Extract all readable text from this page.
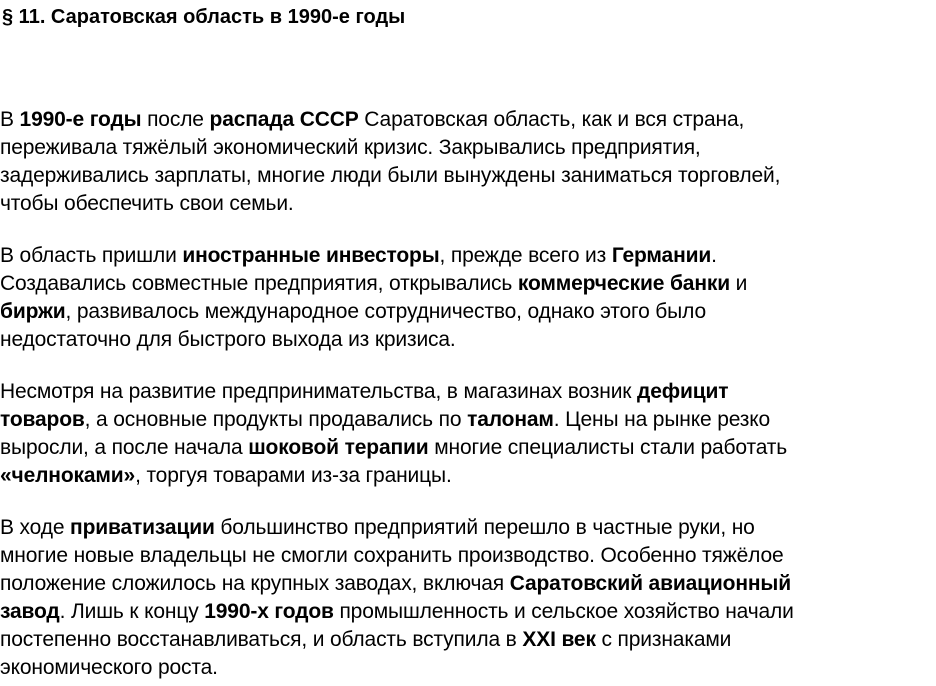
§ 11. Саратовская область в 1990-е годы

В 1990-е годы после распада СССР Саратовская область, как и вся страна,
переживала тяжёлый экономический кризис. Закрывались предприятия,
задерживались зарплаты, многие люди были вынуждены заниматься торговлей,
чтобы обеспечить свои семьи.

В область пришли иностранные инвесторы, прежде всего из Германии.
Создавались совместные предприятия, открывались коммерческие банки и
биржи, развивалось международное сотрудничество, однако этого было
недостаточно для быстрого выхода из кризиса.

Несмотря на развитие предпринимательства, в магазинах возник дефицит
товаров, а основные продукты продавались по талонам. Цены на рынке резко
выросли, а после начала шоковой терапии многие специалисты стали работать
«челноками», торгуя товарами из-за границы.

В ходе приватизации большинство предприятий перешло в частные руки, но
многие новые владельцы не смогли сохранить производство. Особенно тяжёлое
положение сложилось на крупных заводах, включая Саратовский авиационный
завод. Лишь к концу 1990-х годов промышленность и сельское хозяйство начали
постепенно восстанавливаться, и область вступила в XXI век с признаками
экономического роста.
